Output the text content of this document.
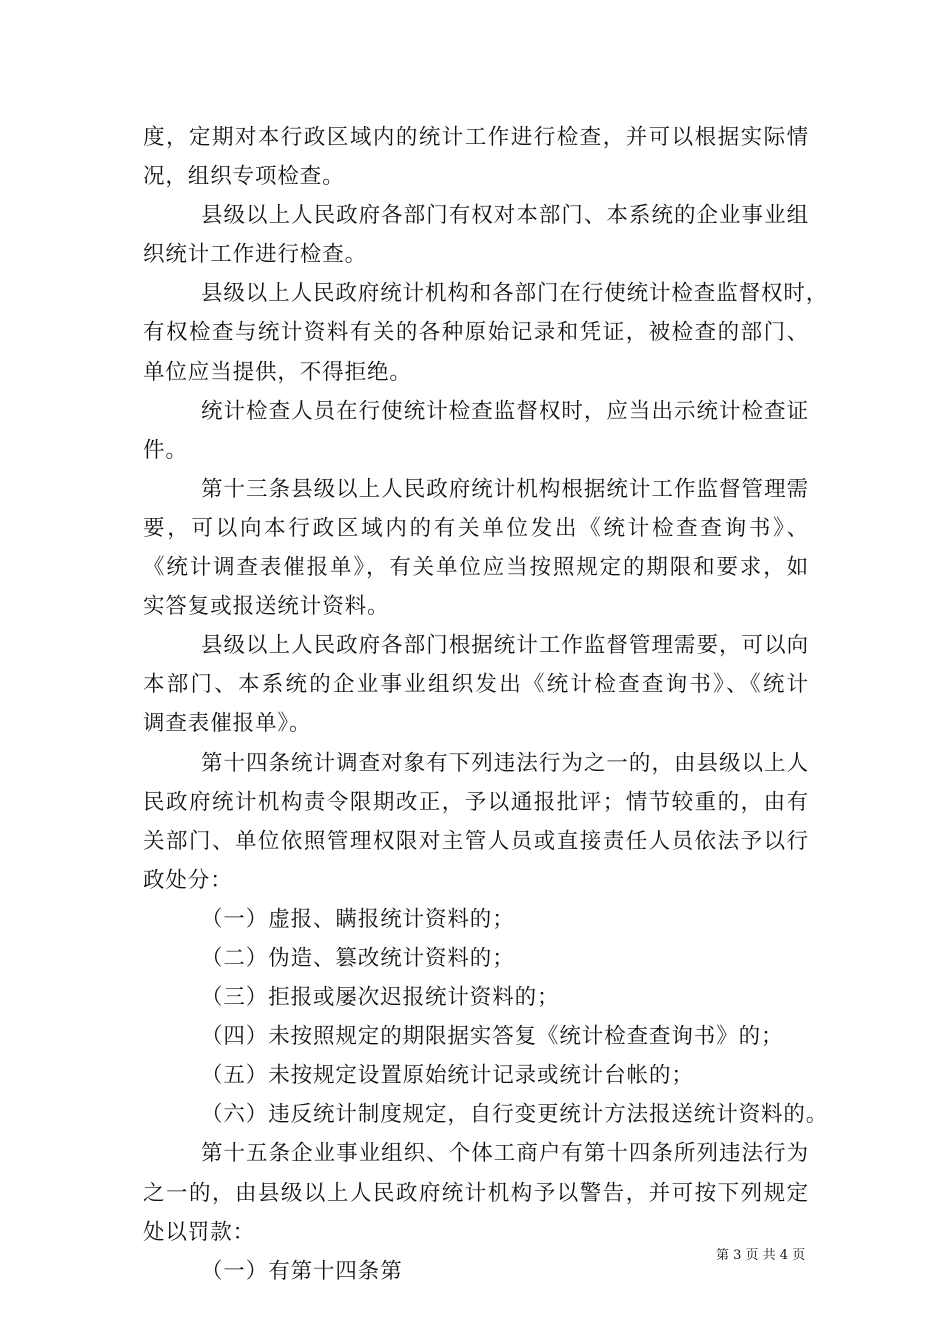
度，定期对本行政区域内的统计工作进行检查，并可以根据实际情
况，组织专项检查。
县级以上人民政府各部门有权对本部门、本系统的企业事业组
织统计工作进行检查。
县级以上人民政府统计机构和各部门在行使统计检查监督权时，
有权检查与统计资料有关的各种原始记录和凭证，被检查的部门、
单位应当提供，不得拒绝。
统计检查人员在行使统计检查监督权时，应当出示统计检查证
件。
第十三条县级以上人民政府统计机构根据统计工作监督管理需
要，可以向本行政区域内的有关单位发出《统计检查查询书》、
《统计调查表催报单》，有关单位应当按照规定的期限和要求，如
实答复或报送统计资料。
县级以上人民政府各部门根据统计工作监督管理需要，可以向
本部门、本系统的企业事业组织发出《统计检查查询书》、《统计
调查表催报单》。
第十四条统计调查对象有下列违法行为之一的，由县级以上人
民政府统计机构责令限期改正，予以通报批评；情节较重的，由有
关部门、单位依照管理权限对主管人员或直接责任人员依法予以行
政处分：
（一）虚报、瞒报统计资料的；
（二）伪造、篡改统计资料的；
（三）拒报或屡次迟报统计资料的；
（四）未按照规定的期限据实答复《统计检查查询书》的；
（五）未按规定设置原始统计记录或统计台帐的；
（六）违反统计制度规定，自行变更统计方法报送统计资料的。
第十五条企业事业组织、个体工商户有第十四条所列违法行为
之一的，由县级以上人民政府统计机构予以警告，并可按下列规定
处以罚款：
（一）有第十四条第
第 3 页 共 4 页
